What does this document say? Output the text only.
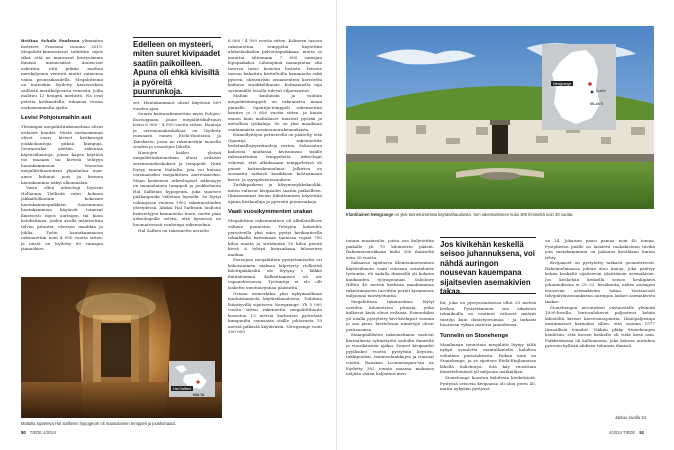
Bettina Schulz Paulsson ylimmiten fasteiset Prasiona vuonna 2019. Megaliitti-kiinnostavat tutkittiin myös siksi, että ne muuvavat kiistyvämme ihmisiä mennesääst. Aunen-mit uskottiin, että pitkän mathan merikyljoinia venestä muitit vainiensa vanta pronssikaudella. Megaliitteina on kuitenkin löydetty kaiverruksia säilöistä meriikolposista venesitä, joilla mahtuu 12 hengen miehistö. Na ovat pelatta kivikaudella, tuhansia vuosia varhaisemmalta ajalta.

Levisi Pohjoismaihin asti

Yleisimpiä megaliittirakennelmia olivat erilaiset haudat. Niistä varhaisimmat olivat suuri kiviset kivikirstyjä joukkohautojia pitkää kumpuja. Seuraavaksi alettiin rakentaa käytävähautoja, joissa kapea käytävä vie maaaan tai kivestä tehtyyn hautakammioon. Monessa megaliittihautoiteni yhpäänlisa maa-aines kulunut pois ja kivinen hautakammio näkyi ulkomaalan.

Vasta ollen arkeologi löysivät Hollannin Tiellisitä vatin, kolmen jakkailtolkonnin kokoisen hautakammopaikkien. Saarininnan hautakammion käytävät toimivat ilmeisesti myös auringon tai kuun kohdistimen, joiden avulla määritettiin talven pituutta, eloissen maalikin ja juhlia. Tielin hautakammioon rakennettiin noin 4 000 vuotta sitten, ja niistä on löydetty 80 vainajan jäännökset.

Edelleen on mysteeri, miten suuret kivipaadet saatiin paikoilleen. Apuna oli ehkä kivisiltä ja pyöreitä puunrunkoja.

set. Hautakammiot olivat käytössä 800 vuoden ajan.

Suurin hautarakennettiin myös Pohjois-Eurooppaan, jonne megaliittikulttuuri levisi 6 000 - 4 000 vuotta sitten. Hautoja ja seremoniakeskuksia on löydetty runsaasti ennen Etelä-Ruotsista ja Tanskasta, jossa ne rakennettiin monella seuden ja vesistöjen lähellä.

Hautojen lisäksi yleisiä megaliittirakennelmia olivat erilaiset seremoniakeskukset ja temppelit. Niitä löytyy ennen Maltalta, jota voi kutsua varsinaiseksi megaliittien aarresaareksi. Maan keskeisen arkeologiset näkemyys on muanalainen temppeli ja joukkohauta Hal Saflienin hypogeum, joka sijaitsee pääkaupunki Valletian lepsellä. Se löytyi vahingossa vuonna 1902 rakennustöiden yhteydessä. Alukai Hal Saflienin luolistoi kriistettyjen kammioitio hiuin, mutta pian arkeologeille selvisi, että kyseessä on huomattavasti vanhempi rakennelma.

Hal Saflien on rakennettu arviolta

6 000 - 4 500 vuotta sitten. Kolmeen tasoon rakennettua temppeliä käytettiin alukeilaakailen palvontapaikkana, mutta se muuttui sittemmin 7 000 vainajan lepopaikaksi. Lähimpänä maanpintaa olla taserva tasso kooistui luolista. Toiseen tasoon hakattiin kivitaltoilla kammioita sekä pyöreä, okravärisin ornamentein koristeltu kaikuva oraakkelihuone. Kolmannelta taja syvimmälle tasolla tulevat viljavarastot.

Maltan kuuluisiin ja vanhiin megaliittitemppeli on rakennettu maan pinnalle. Ggantija-temppeli rakennettiin kenties jo 5 600 vuotta sitten, ja kuuta ennen kuin maltalaiset tunsivat pyörää ja metallisia työkaluja. Se on yksi maailman vanhimmista seremonnurakennuksista.

Esimellyitöjen perusteella on päätelty, että Ggantija rakennettiin hedelmällisyysriitualeja varten. Sekoasituu kalioista muihinsa kivisuunsin sisälle rakennettuina temppeleitä. Arkeologit uskovat, että alkukusaan temppeleissä oli puiset katturakennelmat. Jalkiviva on suomattu tarkasti kaaikkoon kohtaamaan kevät- ja syyspäiväntasauksen.

Turkkipaikeen ja kilyymenykkeknolikt, miten valtavat kivipaadet saatiin paikoilleen. Ilimaisemmat kivien liikuttamisen käytettiin apuna kivikuuluja ja pyöreitä puunrunkoja.

Vaati vuosikymmenten urakan

Megaliittien rakentaminen oli alkulaisillleen valtava ponnistus. Tehtyjen kokeiden perusteella yksi mies pystyi kivikautisella teknikkalla kaivamaan tunnissa vajaat 700 kiloa maata ja siirtämään 50 kiloa pientä kiveä ä tehtyä kivirunkaaa kilometrin matkan.

Euroopan megaliittien pystyttämiseksi eri kokoisimmen maksaa kilpetyrty rtolkottiä kilottipäkäisiltä ole löytyny t lälkkö ilmitaitsemia. Kalkentamisen oli aiv vapaaehtoisesta. Työtuntija ei ole ollt laskettu uusitunvynnaa päästätta.

Ostaan esimerkiksi yksi nykymaallman kuuluisimmista käytävähaudoista, Dublinin läänttyvillä sijaitseva Newgrange. Yli 5 000 vuotta sitten rakennettu megaliittihauta kosostuu 13 metriä korkeasta pyöreästä kumpuulta seunsasta sisille johtavasta 19 metriä pitkästä käytävästä. Newgrange vaati 200 000

Hal Saflieni
MALTA
Maltalla sijaitseva Hal Saflienin hypogeum oli maanalainen temppeli ja joukkohauta.
50 TIEDE 4/2024
Newgrange
Dublin
IRLANTI
Irlantilainen Newgrange on yksi tunnetuimmista käytävähaudoista. Sen rakentamiseen kului 300 ihmiseltä noin 30 vuotta.

tonnin maatavalia, joista osa kuljetettiin paikalle yli 70 kilometrin päästä. Rakennusurakkaan kului 300 ihmiseltä noin 30 vuotta.

Saksassa sijaitseva Kleinenkneteninen käytävähauta vaati runsaan satatuhatta työtuntia, eli sadalla ihmisellä yli kolmen kuukauden työrupeaman. Salisbury Hilltin 40 metriä korkean maakummun rakentamiseen tarvittiin peräti kymmenen miljoonaa miestyötuntia.

Megaliittisia rakennelmia löytyi useiden kilometrien pituisia, jotka kulkevat kiviä olivat erilaisia. Esimerkiksi yli tolalla pystytetty kivi-kivilupsit vuonna jo saa pieni, luettelosan nimietyjä olivat peräsuomsa.

Maanpäällisten rakennelmien vaativat kurinalaista ryhmätyötä sadoilta ihmisiltä ja vuosikausien ajaksi. Suuret kivipaadet pyyllisiket vuotta pystyttiin köysien, tukkipuiden, tammenlankkujen ja runsaat vuotta. Ranskan Locmariaquer'ssa on löydetty 382 tonnin maassa makaava neljään osaan haljennut men-

Jos kivikehän keskellä seisoo juhannuksena, voi nähdä auringon nousevan kauempana sijaitsevien asemakivien takaa.

hir, joka on pystyssänäsessa ollut 20 metriä korkea. Pystyttäminen sen aikaisten tekniikoilla on vaatinut valtavat määrät tunteja kuin ihmistyövoimaa - ja tarkasti hauravan vyksin materia jannidiensa.

Tunnelin on Stonehenge

Maailmaan tunnetuin megaliitti löytyy tältä nykyä avonlotta maatutkimella halulten valtainen puriatukessta. Paikan nimi on Stonehenge, ja se sijaitsee Etelä-Englannissa lähellä Salisburya. Sitä käy vuosittain ihmettelemässä yli miljoona matkailijaa.

Stonehenge koostuu kahdesta kivikehästä. Pystyssä seisovia kivipaasia oli alun perin 40, mutta nykyään pystyssä

on 24. Jokaisen paasi painaa noin 40 tonnia. Pystykivien päälle on laskettu vaakakivinen tiivikä jota vastakumminta on paksuus kivsiklaan tuntaa tehty.

Kivipaaset on pystytetty tarkasti geometrisesti. Rakennelmaassa johtaa aloo linioja, joka päättyy kehän keskellä sijaitseviin yksittäisiin asemakiviin. Jos kivikehän keskellä seisoo keskipäivä juhannuksena ei 20.-22. kesäkuuta, näkee auringon nousevan asemakivien takaa. Vastaavasti talvipäivänseisauksena auringon laskee asemakivien taakse.

Stonehengen arvoitukset vastaustelle ylelmitä 1930-luvulla, lentovalokuvat paljastivat kehän lähistöltä kiviset kierrosiisepuutta. Ilmiöpaljustuja ensimmäiset karmaksi sillen, että vuonna 1977 täsmällisiä tomahti. Viäkiin pläky Stonehengen lienlittiin, että kiveen keskelle oli vielä kiviä asia. Poikkeuksena oli kalliomassa, joka kokosa aurinkoa pyöreän kyllistä alulisen tuhansia ihmisiä.

Jatkuu sivulla 34.
4/2024 TIEDE 51
